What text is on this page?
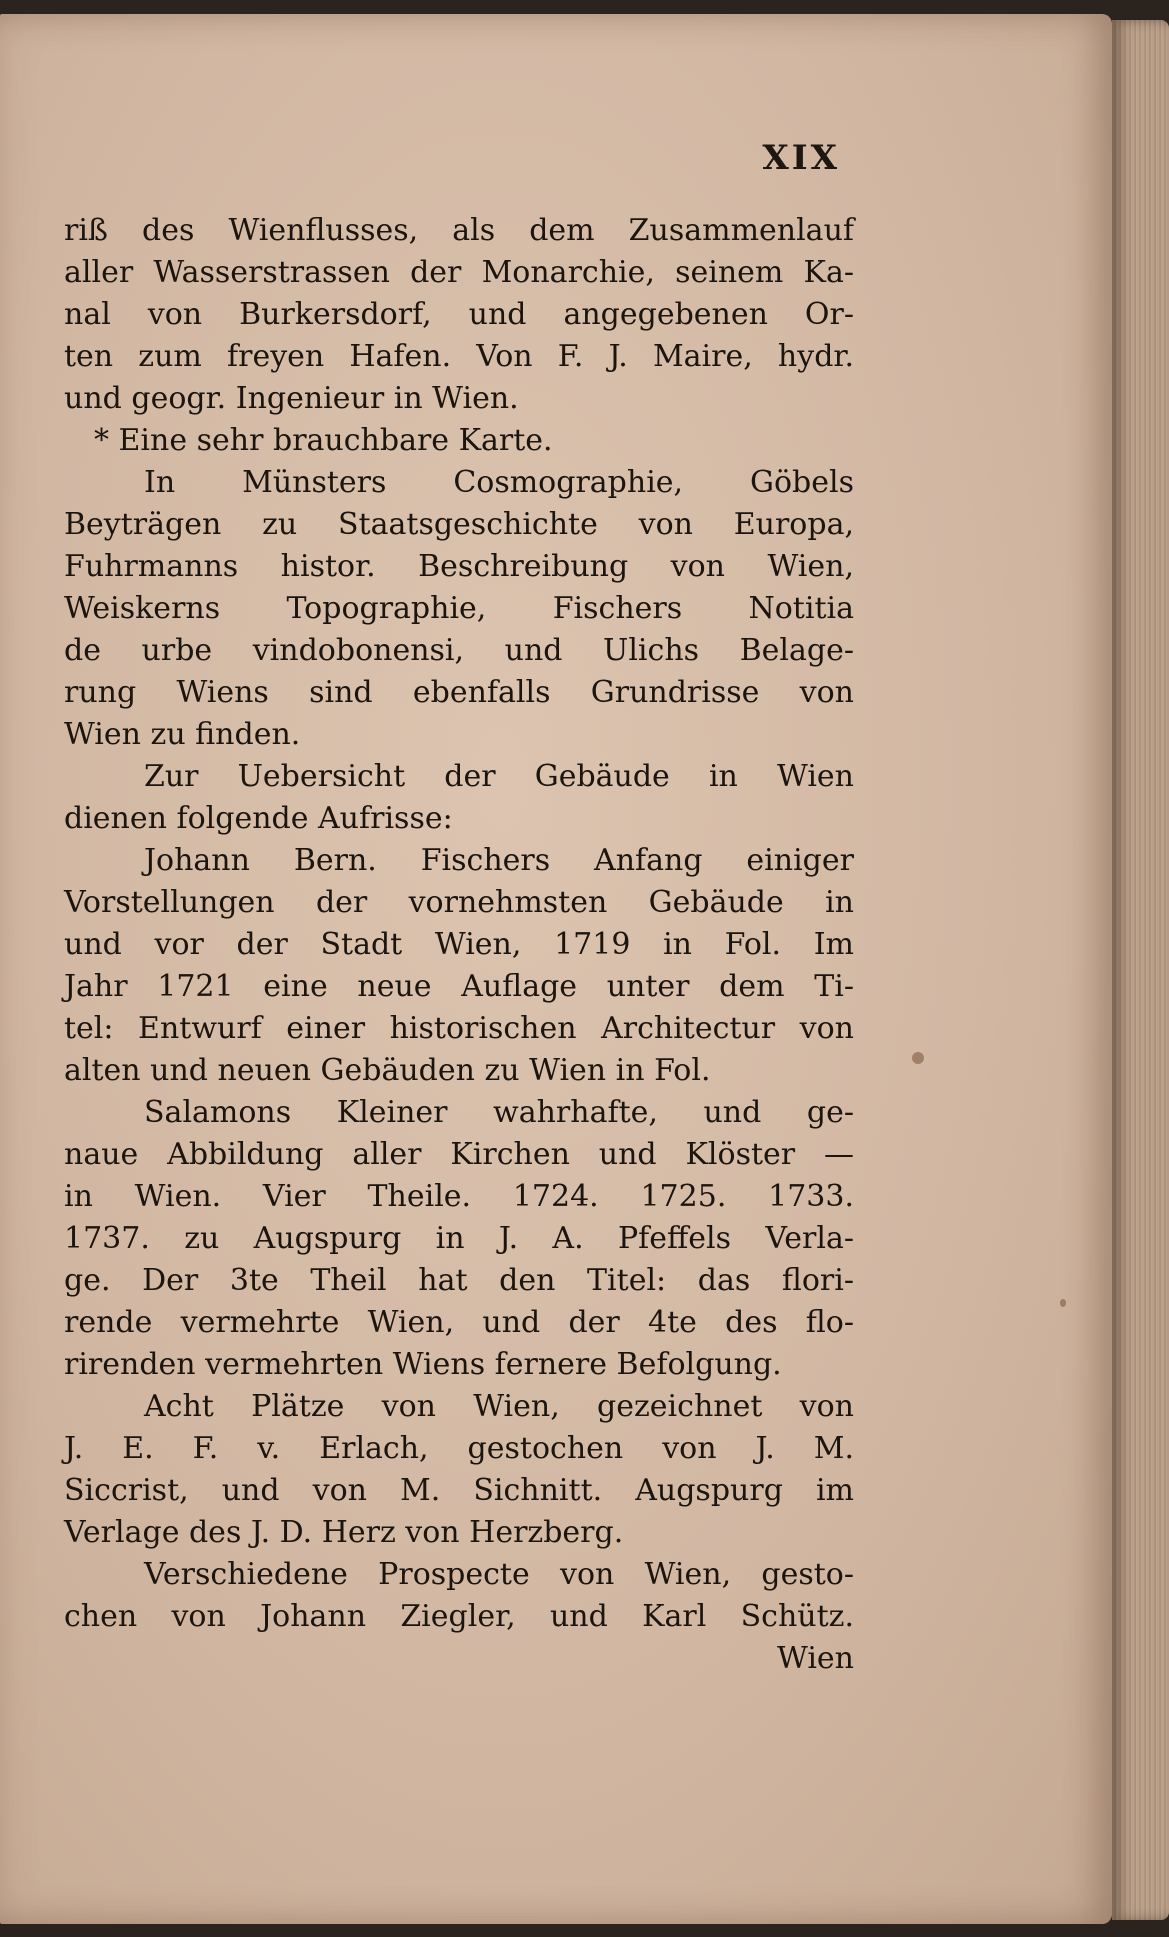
XIX
riß des Wienflusses, als dem Zusammenlauf
aller Wasserstrassen der Monarchie, seinem Ka-
nal von Burkersdorf, und angegebenen Or-
ten zum freyen Hafen. Von F. J. Maire, hydr.
und geogr. Ingenieur in Wien.
* Eine sehr brauchbare Karte.
In Münsters Cosmographie, Göbels
Beyträgen zu Staatsgeschichte von Europa,
Fuhrmanns histor. Beschreibung von Wien,
Weiskerns Topographie, Fischers Notitia
de urbe vindobonensi, und Ulichs Belage-
rung Wiens sind ebenfalls Grundrisse von
Wien zu finden.
Zur Uebersicht der Gebäude in Wien
dienen folgende Aufrisse:
Johann Bern. Fischers Anfang einiger
Vorstellungen der vornehmsten Gebäude in
und vor der Stadt Wien, 1719 in Fol. Im
Jahr 1721 eine neue Auflage unter dem Ti-
tel: Entwurf einer historischen Architectur von
alten und neuen Gebäuden zu Wien in Fol.
Salamons Kleiner wahrhafte, und ge-
naue Abbildung aller Kirchen und Klöster —
in Wien. Vier Theile. 1724. 1725. 1733.
1737. zu Augspurg in J. A. Pfeffels Verla-
ge. Der 3te Theil hat den Titel: das flori-
rende vermehrte Wien, und der 4te des flo-
rirenden vermehrten Wiens fernere Befolgung.
Acht Plätze von Wien, gezeichnet von
J. E. F. v. Erlach, gestochen von J. M.
Siccrist, und von M. Sichnitt. Augspurg im
Verlage des J. D. Herz von Herzberg.
Verschiedene Prospecte von Wien, gesto-
chen von Johann Ziegler, und Karl Schütz.
Wien
